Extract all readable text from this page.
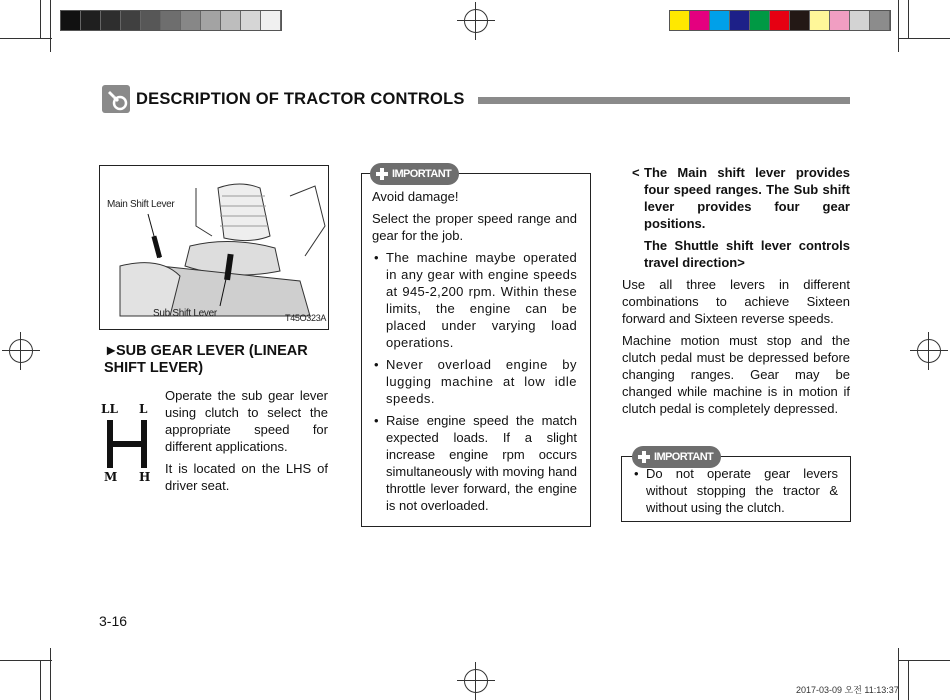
DESCRIPTION OF TRACTOR CONTROLS
Main Shift Lever
Sub Shift Lever	T45O323A
►SUB GEAR LEVER (LINEAR SHIFT LEVER)
LL L
M H

Operate the sub gear lever using clutch to select the appropriate speed for different applications.

It is located on the LHS of driver seat.

IMPORTANT

Avoid damage!

Select the proper speed range and gear for the job.

• The machine maybe operated in any gear with engine speeds at 945-2,200 rpm. Within these limits, the engine can be placed under varying load operations.
• Never overload engine by lugging machine at low idle speeds.
• Raise engine speed the match expected loads. If a slight increase engine rpm occurs simultaneously with moving hand throttle lever forward, the engine is not overloaded.
< The Main shift lever provides four speed ranges. The Sub shift lever provides four gear positions.
The Shuttle shift lever controls travel direction>

Use all three levers in different combinations to achieve Sixteen forward and Sixteen reverse speeds.

Machine motion must stop and the clutch pedal must be depressed before changing ranges. Gear may be changed while machine is in motion if clutch pedal is completely depressed.

IMPORTANT
• Do not operate gear levers without stopping the tractor & without using the clutch.
3-16
2017-03-09 오전 11:13:37
